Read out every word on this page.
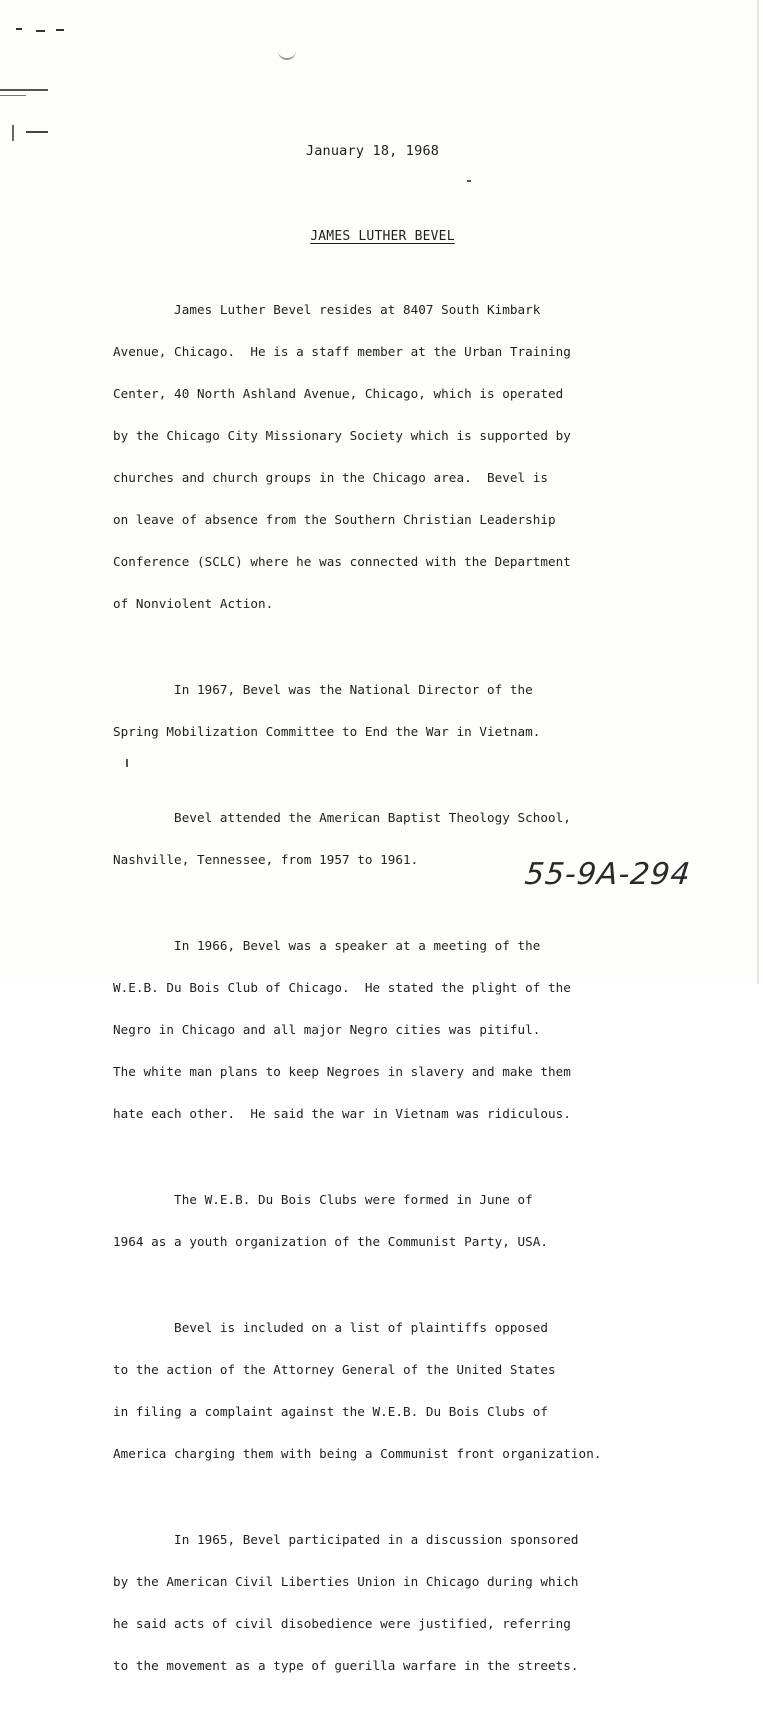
January 18, 1968
JAMES LUTHER BEVEL

James Luther Bevel resides at 8407 South Kimbark

Avenue, Chicago.  He is a staff member at the Urban Training

Center, 40 North Ashland Avenue, Chicago, which is operated

by the Chicago City Missionary Society which is supported by

churches and church groups in the Chicago area.  Bevel is

on leave of absence from the Southern Christian Leadership

Conference (SCLC) where he was connected with the Department

of Nonviolent Action.

In 1967, Bevel was the National Director of the

Spring Mobilization Committee to End the War in Vietnam.

Bevel attended the American Baptist Theology School,

Nashville, Tennessee, from 1957 to 1961.

In 1966, Bevel was a speaker at a meeting of the

W.E.B. Du Bois Club of Chicago.  He stated the plight of the

Negro in Chicago and all major Negro cities was pitiful.

The white man plans to keep Negroes in slavery and make them

hate each other.  He said the war in Vietnam was ridiculous.

The W.E.B. Du Bois Clubs were formed in June of

1964 as a youth organization of the Communist Party, USA.

Bevel is included on a list of plaintiffs opposed

to the action of the Attorney General of the United States

in filing a complaint against the W.E.B. Du Bois Clubs of

America charging them with being a Communist front organization.

In 1965, Bevel participated in a discussion sponsored

by the American Civil Liberties Union in Chicago during which

he said acts of civil disobedience were justified, referring

to the movement as a type of guerilla warfare in the streets.

55-9A-294
